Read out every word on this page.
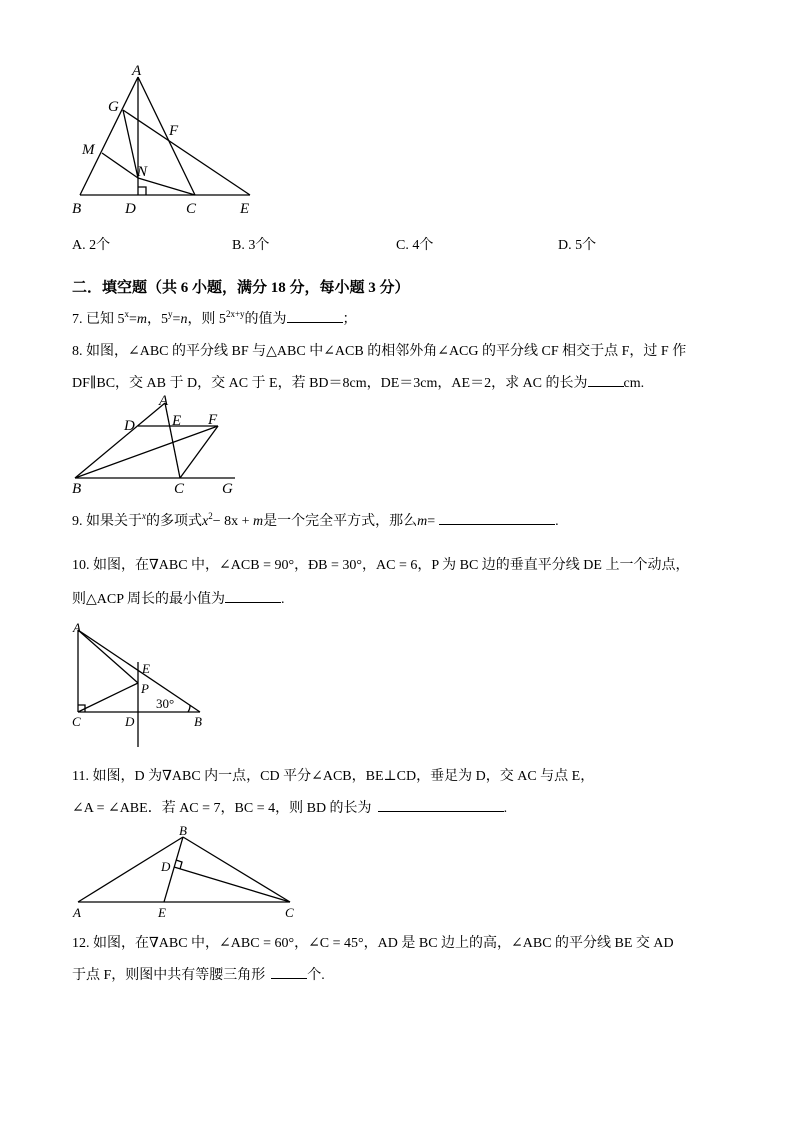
A
G
F
M
N
B	D	C	E
A. 2个	B. 3个	C. 4个	D. 5个
二．填空题（共 6 小题，满分 18 分，每小题 3 分）
7. 已知 $5^x=m$，$5^y=n$，则 $5^{2x+y}$的值为	；
8. 如图，∠ABC 的平分线 BF 与△ABC 中∠ACB 的相邻外角∠ACG 的平分线 CF 相交于点 F，过 F 作
DF∥BC，交 AB 于 D，交 AC 于 E，若 BD＝8cm，DE＝3cm，AE＝2，求 AC 的长为	cm.
A
D E F
B	C	G
9. 如果关于$^x$的多项式$x^2- 8x + m$是一个完全平方式，那么m=	.
10. 如图，在∇ABC 中，∠ACB = 90°，ÐB = 30°，AC = 6，P 为 BC 边的垂直平分线 DE 上一个动点，
则△ACP 周长的最小值为	.
A
E
P
30°
C	D	B
11. 如图，D 为∇ABC 内一点，CD 平分∠ACB，BE⊥CD，垂足为 D，交 AC 与点 E，
∠A = ∠ABE．若 AC = 7，BC = 4，则 BD 的长为	.
B
D
A	E	C
12. 如图，在∇ABC 中，∠ABC = 60°，∠C = 45°，AD 是 BC 边上的高，∠ABC 的平分线 BE 交 AD
于点 F，则图中共有等腰三角形	个.
